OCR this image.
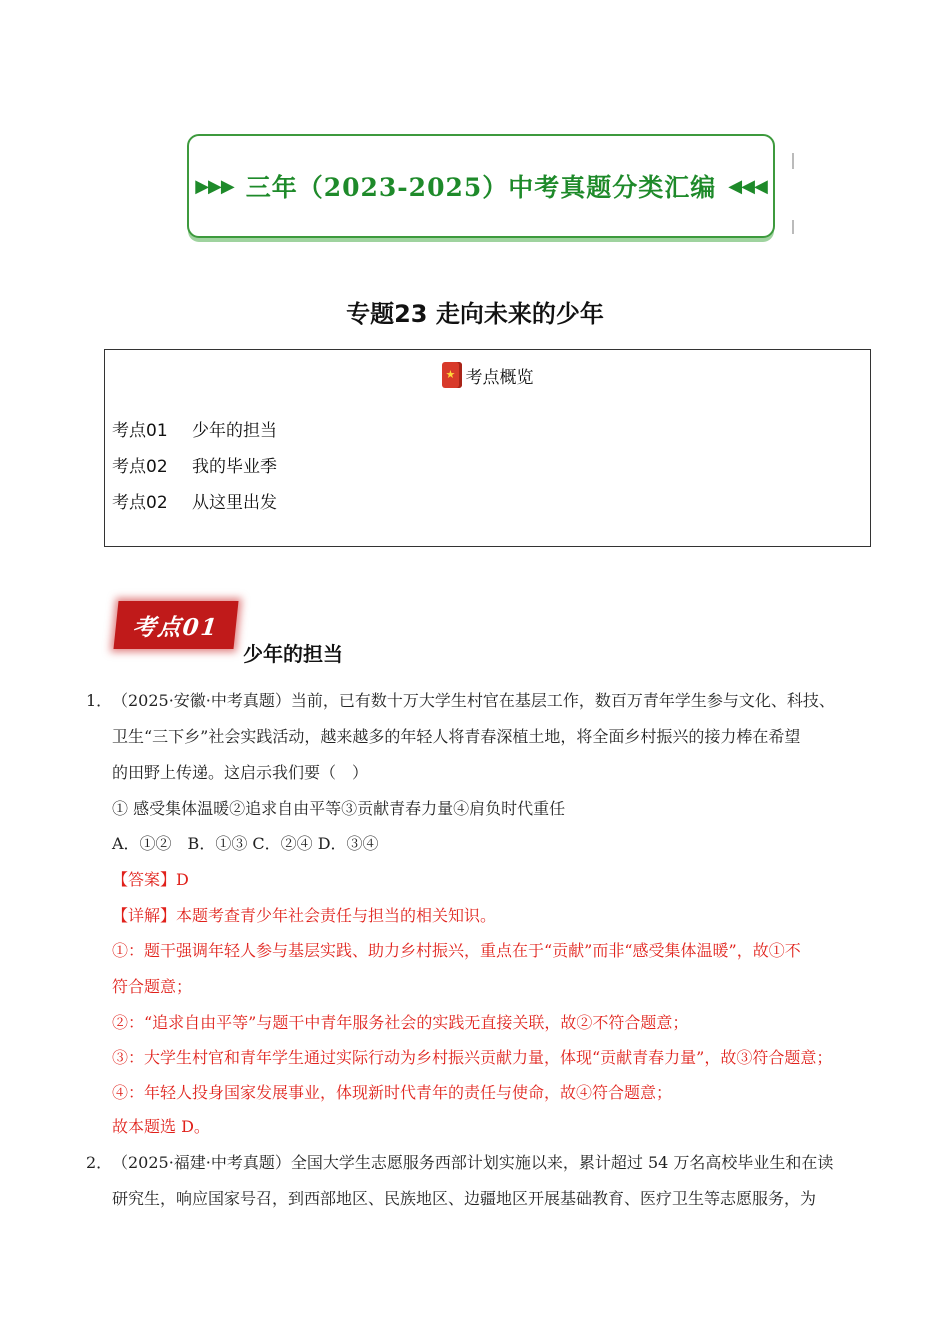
▶▶▶ 三年（2023-2025）中考真题分类汇编 ◀◀◀
专题23 走向未来的少年
★
考点概览
考点01 少年的担当
考点02 我的毕业季
考点02 从这里出发
考点01
少年的担当
1． （2025·安徽·中考真题）当前，已有数十万大学生村官在基层工作，数百万青年学生参与文化、科技、
卫生“三下乡”社会实践活动，越来越多的年轻人将青春深植土地，将全面乡村振兴的接力棒在希望
的田野上传递。这启示我们要（　）
① 感受集体温暖②追求自由平等③贡献青春力量④肩负时代重任
A．①②　B．①③ C．②④ D．③④
【答案】D
【详解】本题考查青少年社会责任与担当的相关知识。
①：题干强调年轻人参与基层实践、助力乡村振兴，重点在于“贡献”而非“感受集体温暖”，故①不
符合题意；
②：“追求自由平等”与题干中青年服务社会的实践无直接关联，故②不符合题意；
③：大学生村官和青年学生通过实际行动为乡村振兴贡献力量，体现“贡献青春力量”，故③符合题意；
④：年轻人投身国家发展事业，体现新时代青年的责任与使命，故④符合题意；
故本题选 D。
2． （2025·福建·中考真题）全国大学生志愿服务西部计划实施以来，累计超过 54 万名高校毕业生和在读
研究生，响应国家号召，到西部地区、民族地区、边疆地区开展基础教育、医疗卫生等志愿服务，为
